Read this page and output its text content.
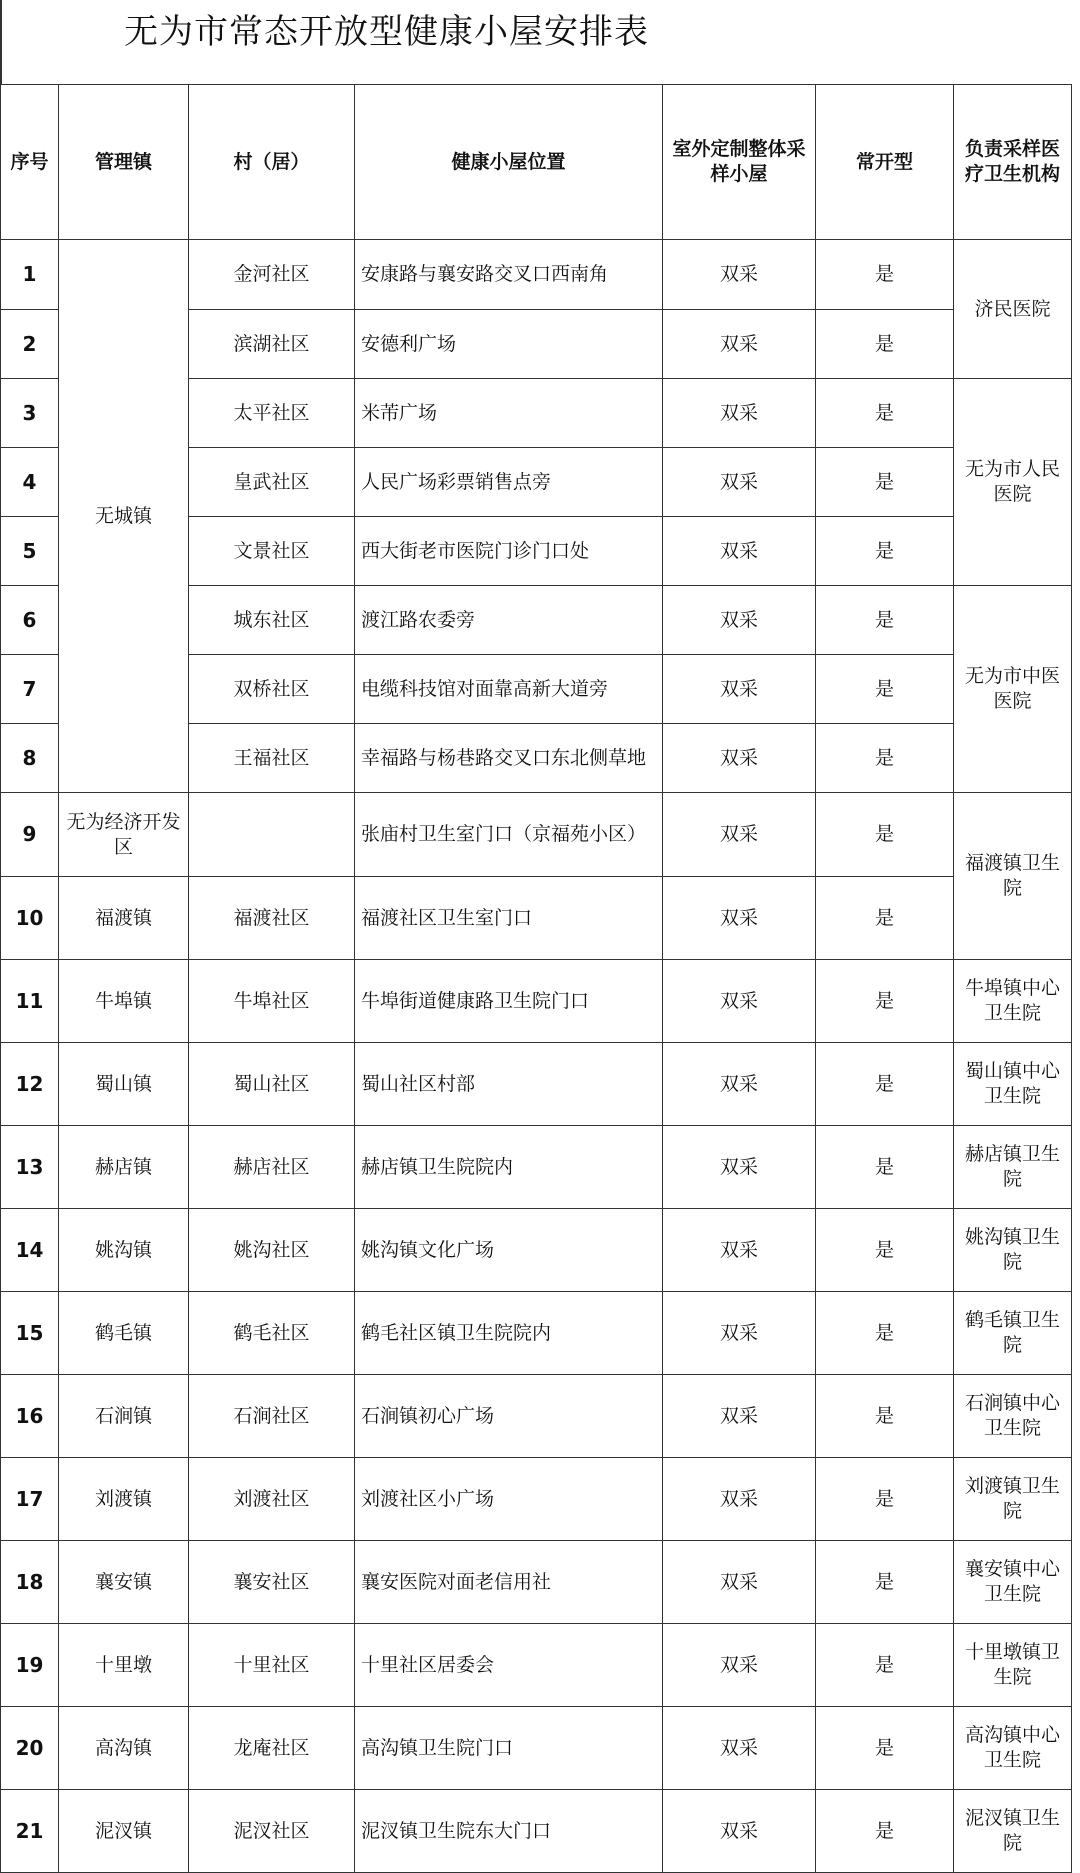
无为市常态开放型健康小屋安排表
序号	管理镇	村（居）	健康小屋位置	室外定制整体采样小屋	常开型	负责采样医疗卫生机构
1	无城镇	金河社区	安康路与襄安路交叉口西南角	双采	是	济民医院
2		滨湖社区	安德利广场	双采	是	
3		太平社区	米芾广场	双采	是	无为市人民医院
4		皇武社区	人民广场彩票销售点旁	双采	是	
5		文景社区	西大街老市医院门诊门口处	双采	是	
6		城东社区	渡江路农委旁	双采	是	无为市中医医院
7		双桥社区	电缆科技馆对面靠高新大道旁	双采	是	
8		王福社区	幸福路与杨巷路交叉口东北侧草地	双采	是	
9	无为经济开发区		张庙村卫生室门口（京福苑小区）	双采	是	福渡镇卫生院
10	福渡镇	福渡社区	福渡社区卫生室门口	双采	是	
11	牛埠镇	牛埠社区	牛埠街道健康路卫生院门口	双采	是	牛埠镇中心卫生院
12	蜀山镇	蜀山社区	蜀山社区村部	双采	是	蜀山镇中心卫生院
13	赫店镇	赫店社区	赫店镇卫生院院内	双采	是	赫店镇卫生院
14	姚沟镇	姚沟社区	姚沟镇文化广场	双采	是	姚沟镇卫生院
15	鹤毛镇	鹤毛社区	鹤毛社区镇卫生院院内	双采	是	鹤毛镇卫生院
16	石涧镇	石涧社区	石涧镇初心广场	双采	是	石涧镇中心卫生院
17	刘渡镇	刘渡社区	刘渡社区小广场	双采	是	刘渡镇卫生院
18	襄安镇	襄安社区	襄安医院对面老信用社	双采	是	襄安镇中心卫生院
19	十里墩	十里社区	十里社区居委会	双采	是	十里墩镇卫生院
20	高沟镇	龙庵社区	高沟镇卫生院门口	双采	是	高沟镇中心卫生院
21	泥汊镇	泥汊社区	泥汊镇卫生院东大门口	双采	是	泥汊镇卫生院
